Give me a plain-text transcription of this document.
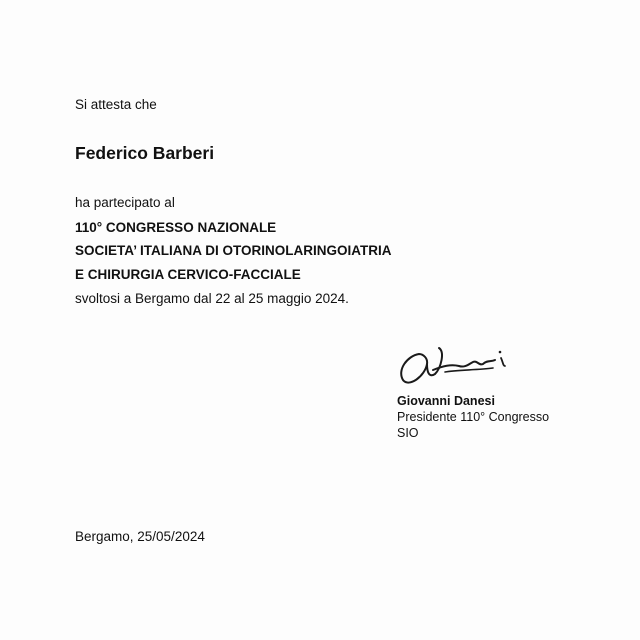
Si attesta che
Federico Barberi
ha partecipato al
110° CONGRESSO NAZIONALE
SOCIETA’ ITALIANA DI OTORINOLARINGOIATRIA
E CHIRURGIA CERVICO-FACCIALE
svoltosi a Bergamo dal 22 al 25 maggio 2024.
Giovanni Danesi
Presidente 110° Congresso
SIO
Bergamo, 25/05/2024
